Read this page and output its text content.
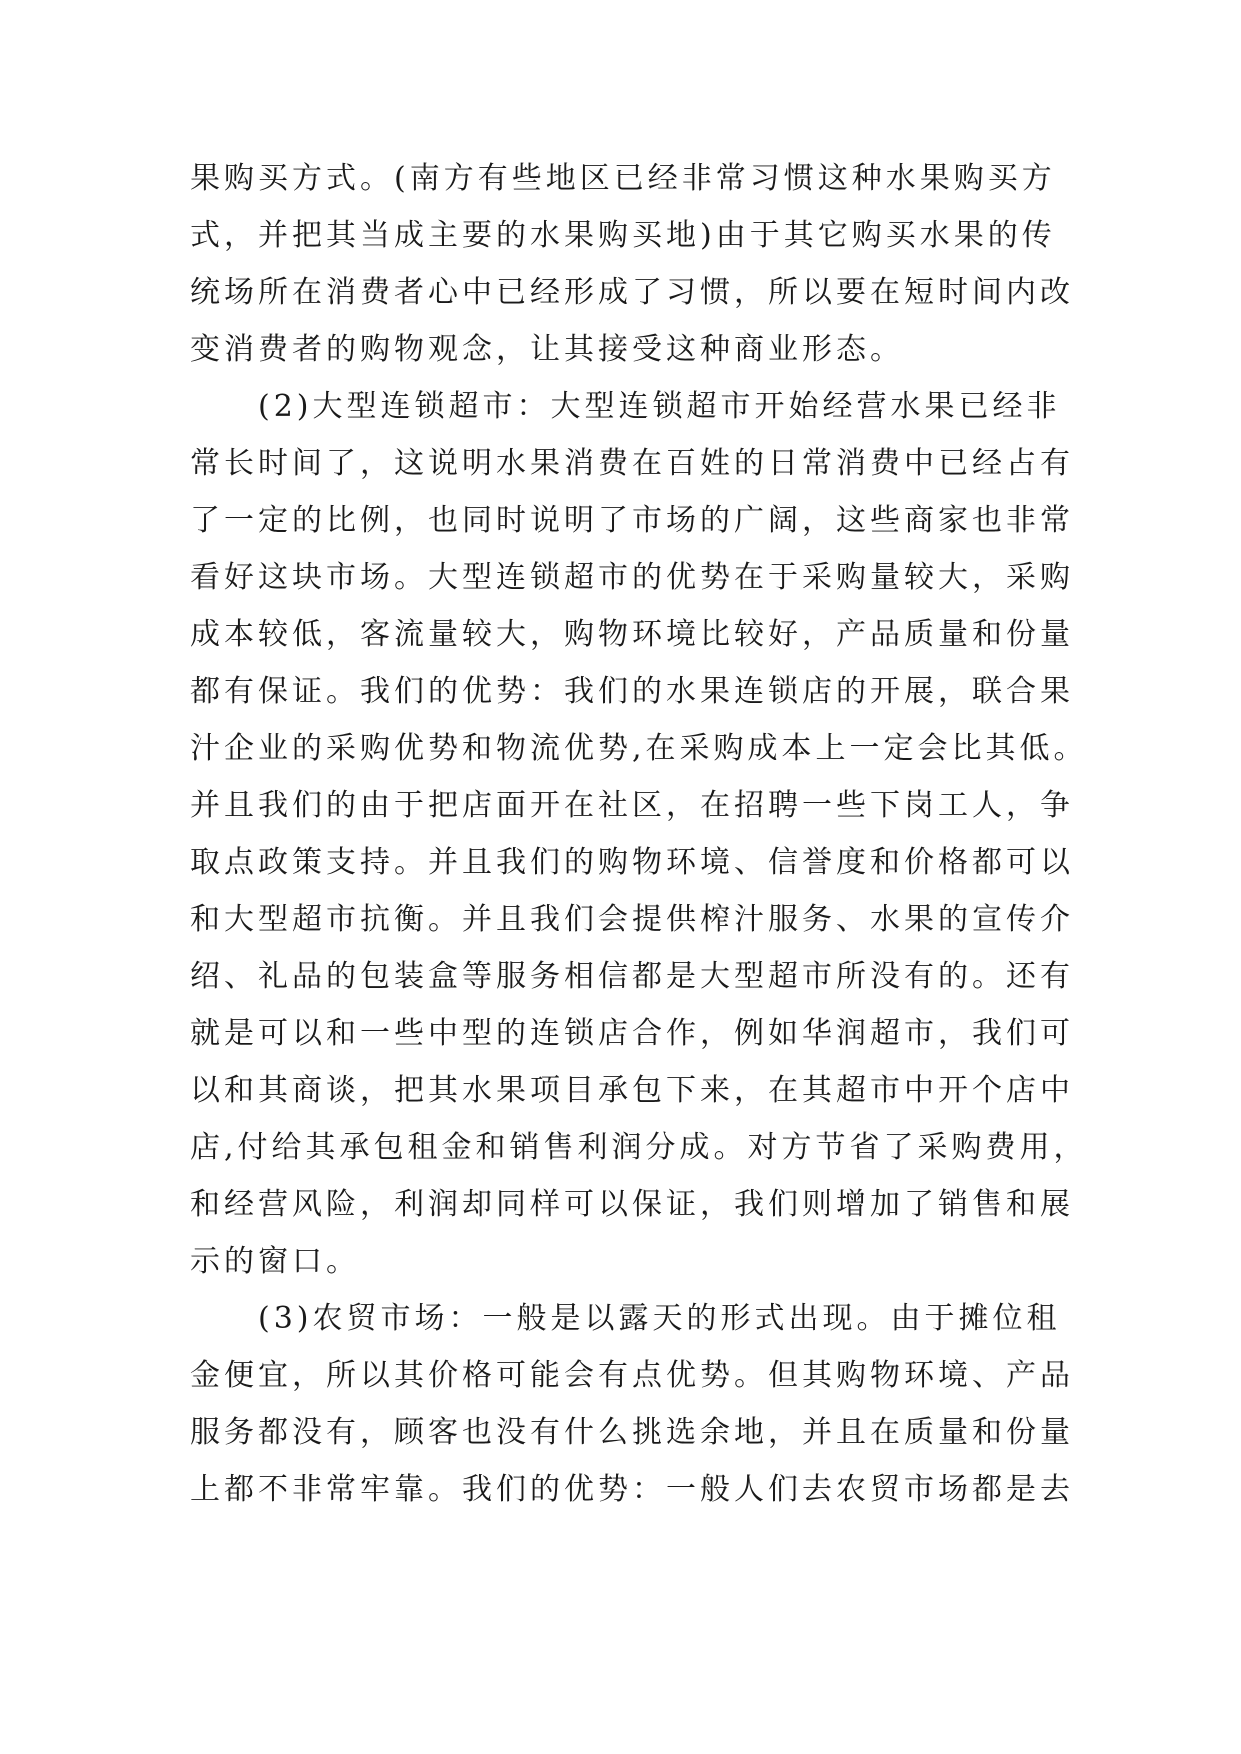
果购买方式。(南方有些地区已经非常习惯这种水果购买方
式，并把其当成主要的水果购买地)由于其它购买水果的传
统场所在消费者心中已经形成了习惯，所以要在短时间内改
变消费者的购物观念，让其接受这种商业形态。
　　(2)大型连锁超市：大型连锁超市开始经营水果已经非
常长时间了，这说明水果消费在百姓的日常消费中已经占有
了一定的比例，也同时说明了市场的广阔，这些商家也非常
看好这块市场。大型连锁超市的优势在于采购量较大，采购
成本较低，客流量较大，购物环境比较好，产品质量和份量
都有保证。我们的优势：我们的水果连锁店的开展，联合果
汁企业的采购优势和物流优势,在采购成本上一定会比其低。
并且我们的由于把店面开在社区，在招聘一些下岗工人，争
取点政策支持。并且我们的购物环境、信誉度和价格都可以
和大型超市抗衡。并且我们会提供榨汁服务、水果的宣传介
绍、礼品的包装盒等服务相信都是大型超市所没有的。还有
就是可以和一些中型的连锁店合作，例如华润超市，我们可
以和其商谈，把其水果项目承包下来，在其超市中开个店中
店,付给其承包租金和销售利润分成。对方节省了采购费用，
和经营风险，利润却同样可以保证，我们则增加了销售和展
示的窗口。
　　(3)农贸市场：一般是以露天的形式出现。由于摊位租
金便宜，所以其价格可能会有点优势。但其购物环境、产品
服务都没有，顾客也没有什么挑选余地，并且在质量和份量
上都不非常牢靠。我们的优势：一般人们去农贸市场都是去
